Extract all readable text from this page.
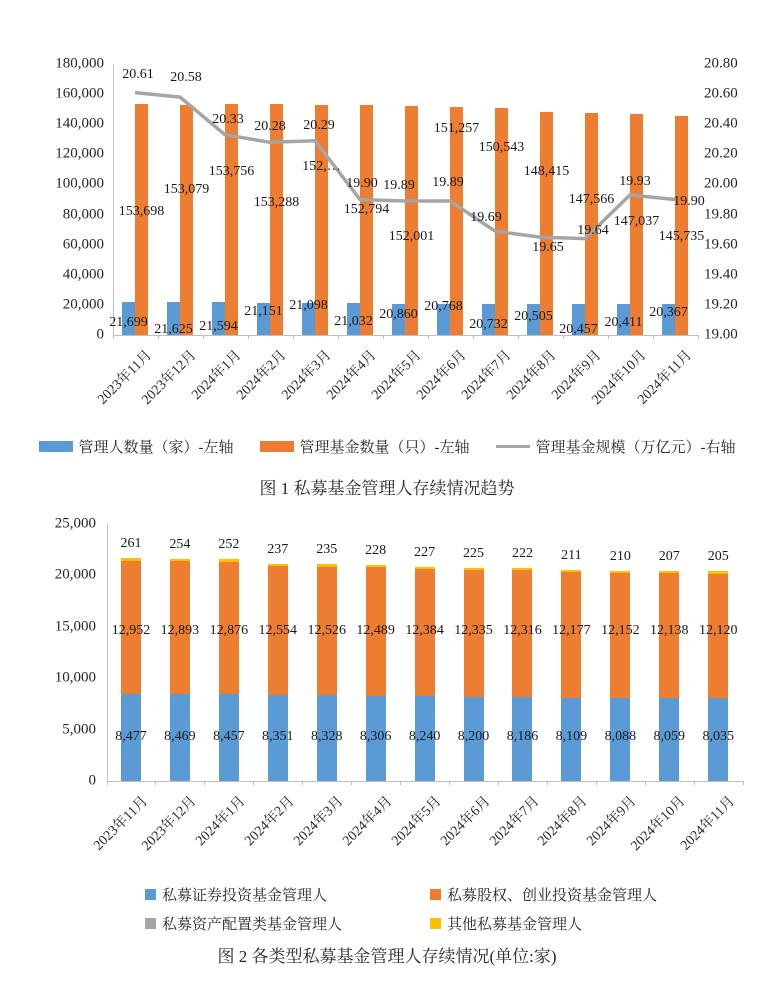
0
20,000
40,000
60,000
80,000
100,000
120,000
140,000
160,000
180,000
19.00
19.20
19.40
19.60
19.80
20.00
20.20
20.40
20.60
20.80
153,698
153,079
153,756
153,288
152,…
152,794
152,001
151,257
150,543
148,415
147,566
147,037
145,735
21,699 21,625 21,594
21,151 21,098
21,032 20,860
20,768
20,732
20,505
20,457 20,411
20,367
20.61 20.58
20.33
20.28 20.29
19.90 19.89 19.89
19.69
19.65
19.64
19.93
19.90
2023年11月
2023年12月
2024年1月
2024年2月
2024年3月
2024年4月
2024年5月
2024年6月
2024年7月
2024年8月
2024年9月
2024年10月
2024年11月
管理人数量（家）-左轴	管理基金数量（只）-左轴	管理基金规模（万亿元）-右轴
图 1 私募基金管理人存续情况趋势
0
5,000
10,000
15,000
20,000
25,000
261
12,952
8,477
254
12,893
8,469
252
12,876
8,457
237
12,554
8,351
235
12,526
8,328
228
12,489
8,306
227
12,384
8,240
225
12,335
8,200
222
12,316
8,186
211
12,177
8,109
210
12,152
8,088
207
12,138
8,059
205
12,120
8,035
2023年11月
2023年12月
2024年1月
2024年2月
2024年3月
2024年4月
2024年5月
2024年6月
2024年7月
2024年8月
2024年9月
2024年10月
2024年11月
私募证券投资基金管理人	私募股权、创业投资基金管理人
私募资产配置类基金管理人	其他私募基金管理人
图 2 各类型私募基金管理人存续情况(单位:家)
